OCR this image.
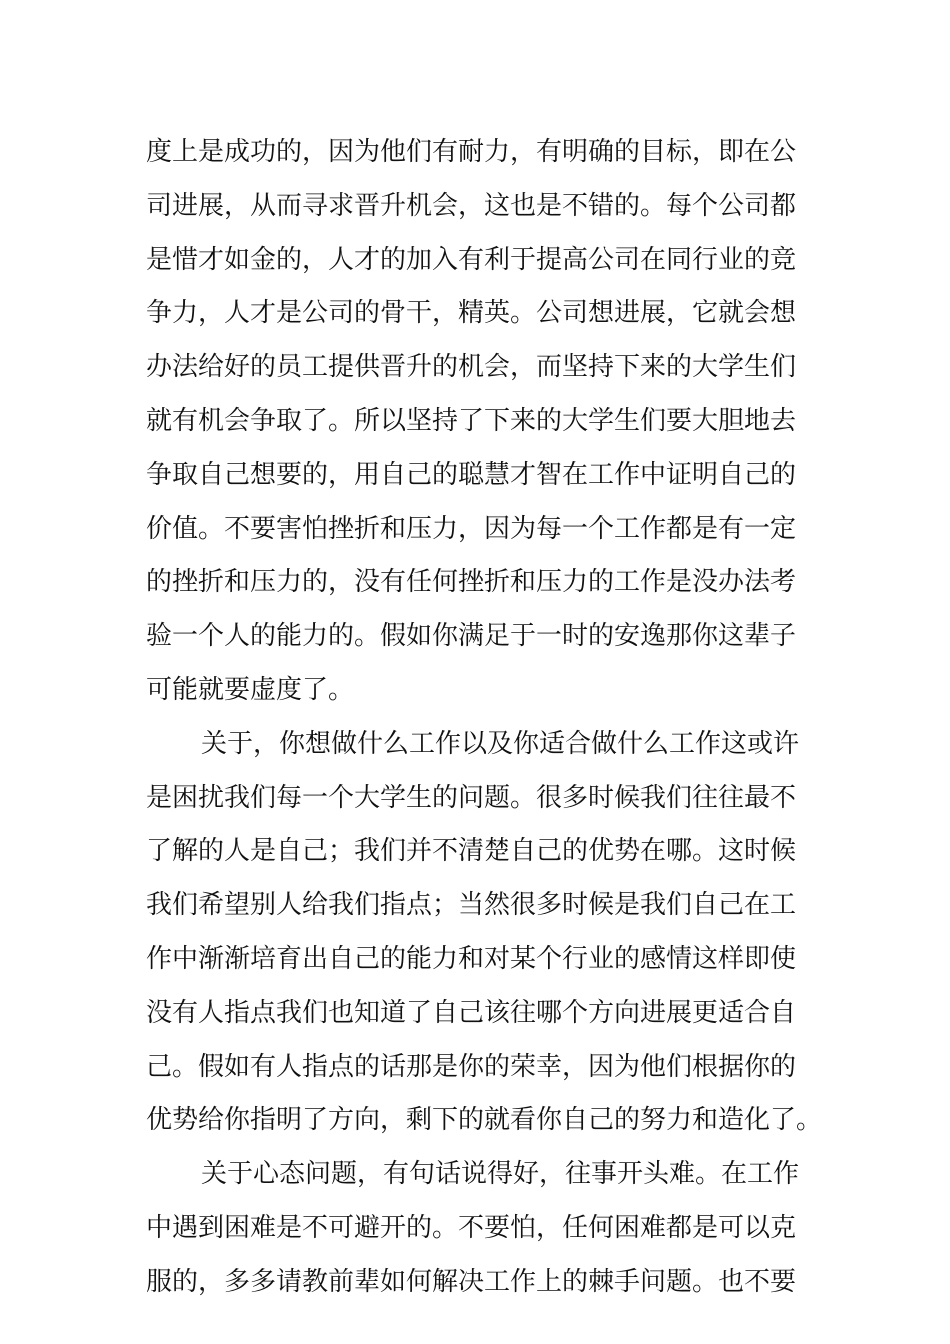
度上是成功的，因为他们有耐力，有明确的目标，即在公
司进展，从而寻求晋升机会，这也是不错的。每个公司都
是惜才如金的，人才的加入有利于提高公司在同行业的竞
争力，人才是公司的骨干，精英。公司想进展，它就会想
办法给好的员工提供晋升的机会，而坚持下来的大学生们
就有机会争取了。所以坚持了下来的大学生们要大胆地去
争取自己想要的，用自己的聪慧才智在工作中证明自己的
价值。不要害怕挫折和压力，因为每一个工作都是有一定
的挫折和压力的，没有任何挫折和压力的工作是没办法考
验一个人的能力的。假如你满足于一时的安逸那你这辈子
可能就要虚度了。
关于，你想做什么工作以及你适合做什么工作这或许
是困扰我们每一个大学生的问题。很多时候我们往往最不
了解的人是自己；我们并不清楚自己的优势在哪。这时候
我们希望别人给我们指点；当然很多时候是我们自己在工
作中渐渐培育出自己的能力和对某个行业的感情这样即使
没有人指点我们也知道了自己该往哪个方向进展更适合自
己。假如有人指点的话那是你的荣幸，因为他们根据你的
优势给你指明了方向，剩下的就看你自己的努力和造化了。
关于心态问题，有句话说得好，往事开头难。在工作
中遇到困难是不可避开的。不要怕，任何困难都是可以克
服的，多多请教前辈如何解决工作上的棘手问题。也不要
